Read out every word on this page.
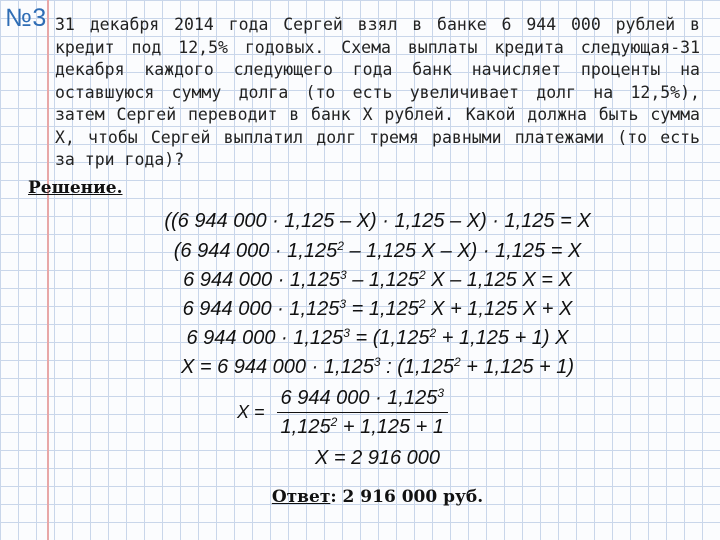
№3 31 декабря 2014 года Сергей взял в банке 6 944 000 рублей в кредит под 12,5% годовых. Схема выплаты кредита следующая-31 декабря каждого следующего года банк начисляет проценты на оставшуюся сумму долга (то есть увеличивает долг на 12,5%), затем Сергей переводит в банк Х рублей. Какой должна быть сумма Х, чтобы Сергей выплатил долг тремя равными платежами (то есть за три года)?
Решение.
((6 944 000 · 1,125 – X) · 1,125 – X) · 1,125 = X
(6 944 $000 \cdot 1,125^2 - 1,125$ X – X) · 1,125 = X
6 944 $000 \cdot 1,125^3 - 1,125^2$ X – 1,125 X = X
6 944 $000 \cdot 1,125^3 = 1,125^2$ X + 1,125 X + X
6 944 $000 \cdot 1,125^3 = (1,125^2 + 1,125 + 1)$ X
X = 6 944 $000 \cdot 1,125^3$ : $(1,125^2 + 1,125 + 1)$
$X = \frac{6 944 000 \cdot 1,125^3}{1,125^2 + 1,125 + 1}$
X = 2 916 000
Ответ: 2 916 000 руб.
